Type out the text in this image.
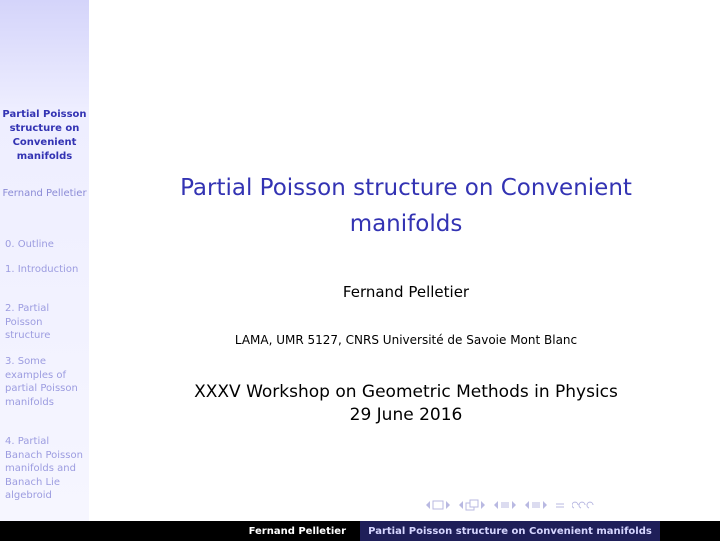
Partial Poisson structure on Convenient manifolds
Fernand Pelletier
0. Outline
1. Introduction
2. Partial Poisson structure
3. Some examples of partial Poisson manifolds
4. Partial Banach Poisson manifolds and Banach Lie algebroid
Partial Poisson structure on Convenient manifolds
Fernand Pelletier
LAMA, UMR 5127, CNRS Université de Savoie Mont Blanc
XXXV Workshop on Geometric Methods in Physics
29 June 2016
Fernand Pelletier	Partial Poisson structure on Convenient manifolds
